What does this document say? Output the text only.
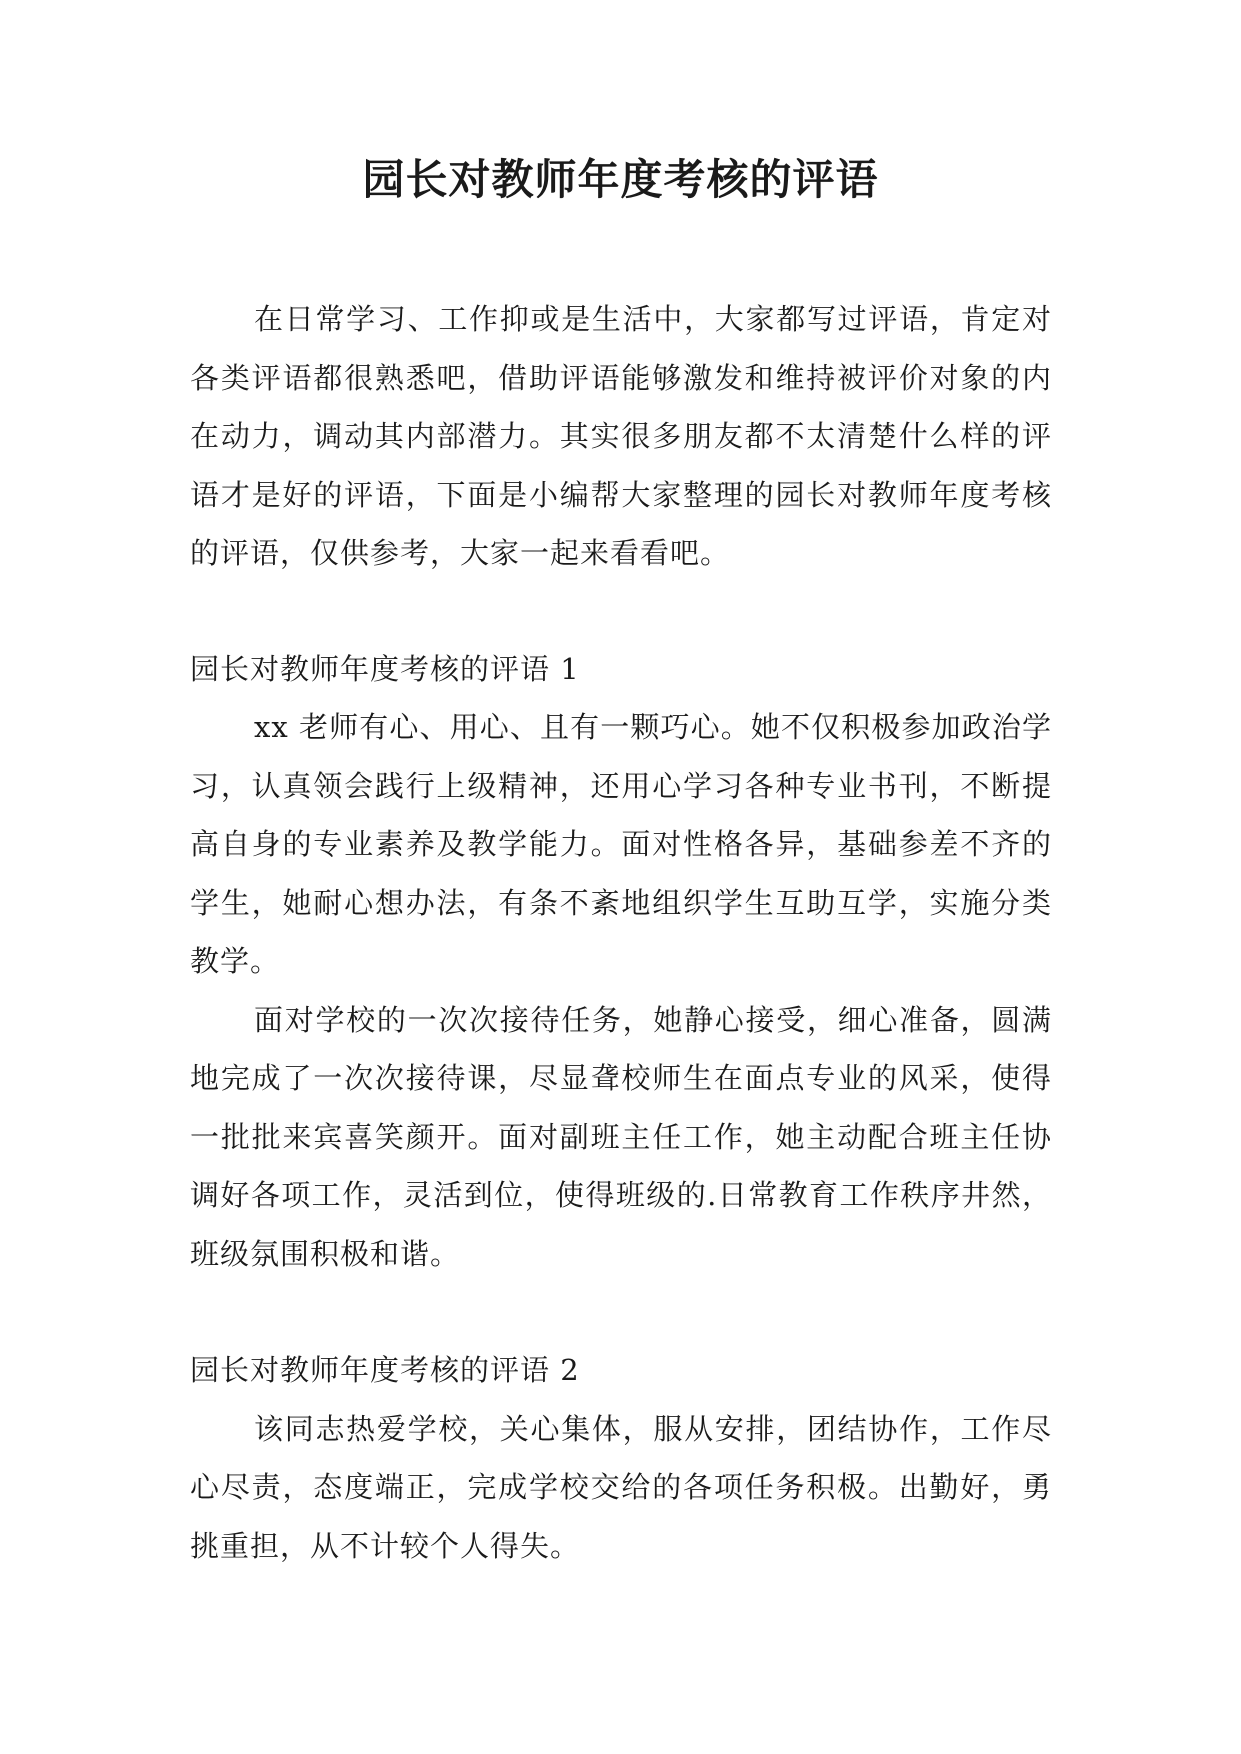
园长对教师年度考核的评语

在日常学习、工作抑或是生活中，大家都写过评语，肯定对各类评语都很熟悉吧，借助评语能够激发和维持被评价对象的内在动力，调动其内部潜力。其实很多朋友都不太清楚什么样的评语才是好的评语，下面是小编帮大家整理的园长对教师年度考核的评语，仅供参考，大家一起来看看吧。

园长对教师年度考核的评语 1

xx 老师有心、用心、且有一颗巧心。她不仅积极参加政治学习，认真领会践行上级精神，还用心学习各种专业书刊，不断提高自身的专业素养及教学能力。面对性格各异，基础参差不齐的学生，她耐心想办法，有条不紊地组织学生互助互学，实施分类教学。

面对学校的一次次接待任务，她静心接受，细心准备，圆满地完成了一次次接待课，尽显聋校师生在面点专业的风采，使得一批批来宾喜笑颜开。面对副班主任工作，她主动配合班主任协调好各项工作，灵活到位，使得班级的.日常教育工作秩序井然，班级氛围积极和谐。

园长对教师年度考核的评语 2

该同志热爱学校，关心集体，服从安排，团结协作，工作尽心尽责，态度端正，完成学校交给的各项任务积极。出勤好，勇挑重担，从不计较个人得失。
